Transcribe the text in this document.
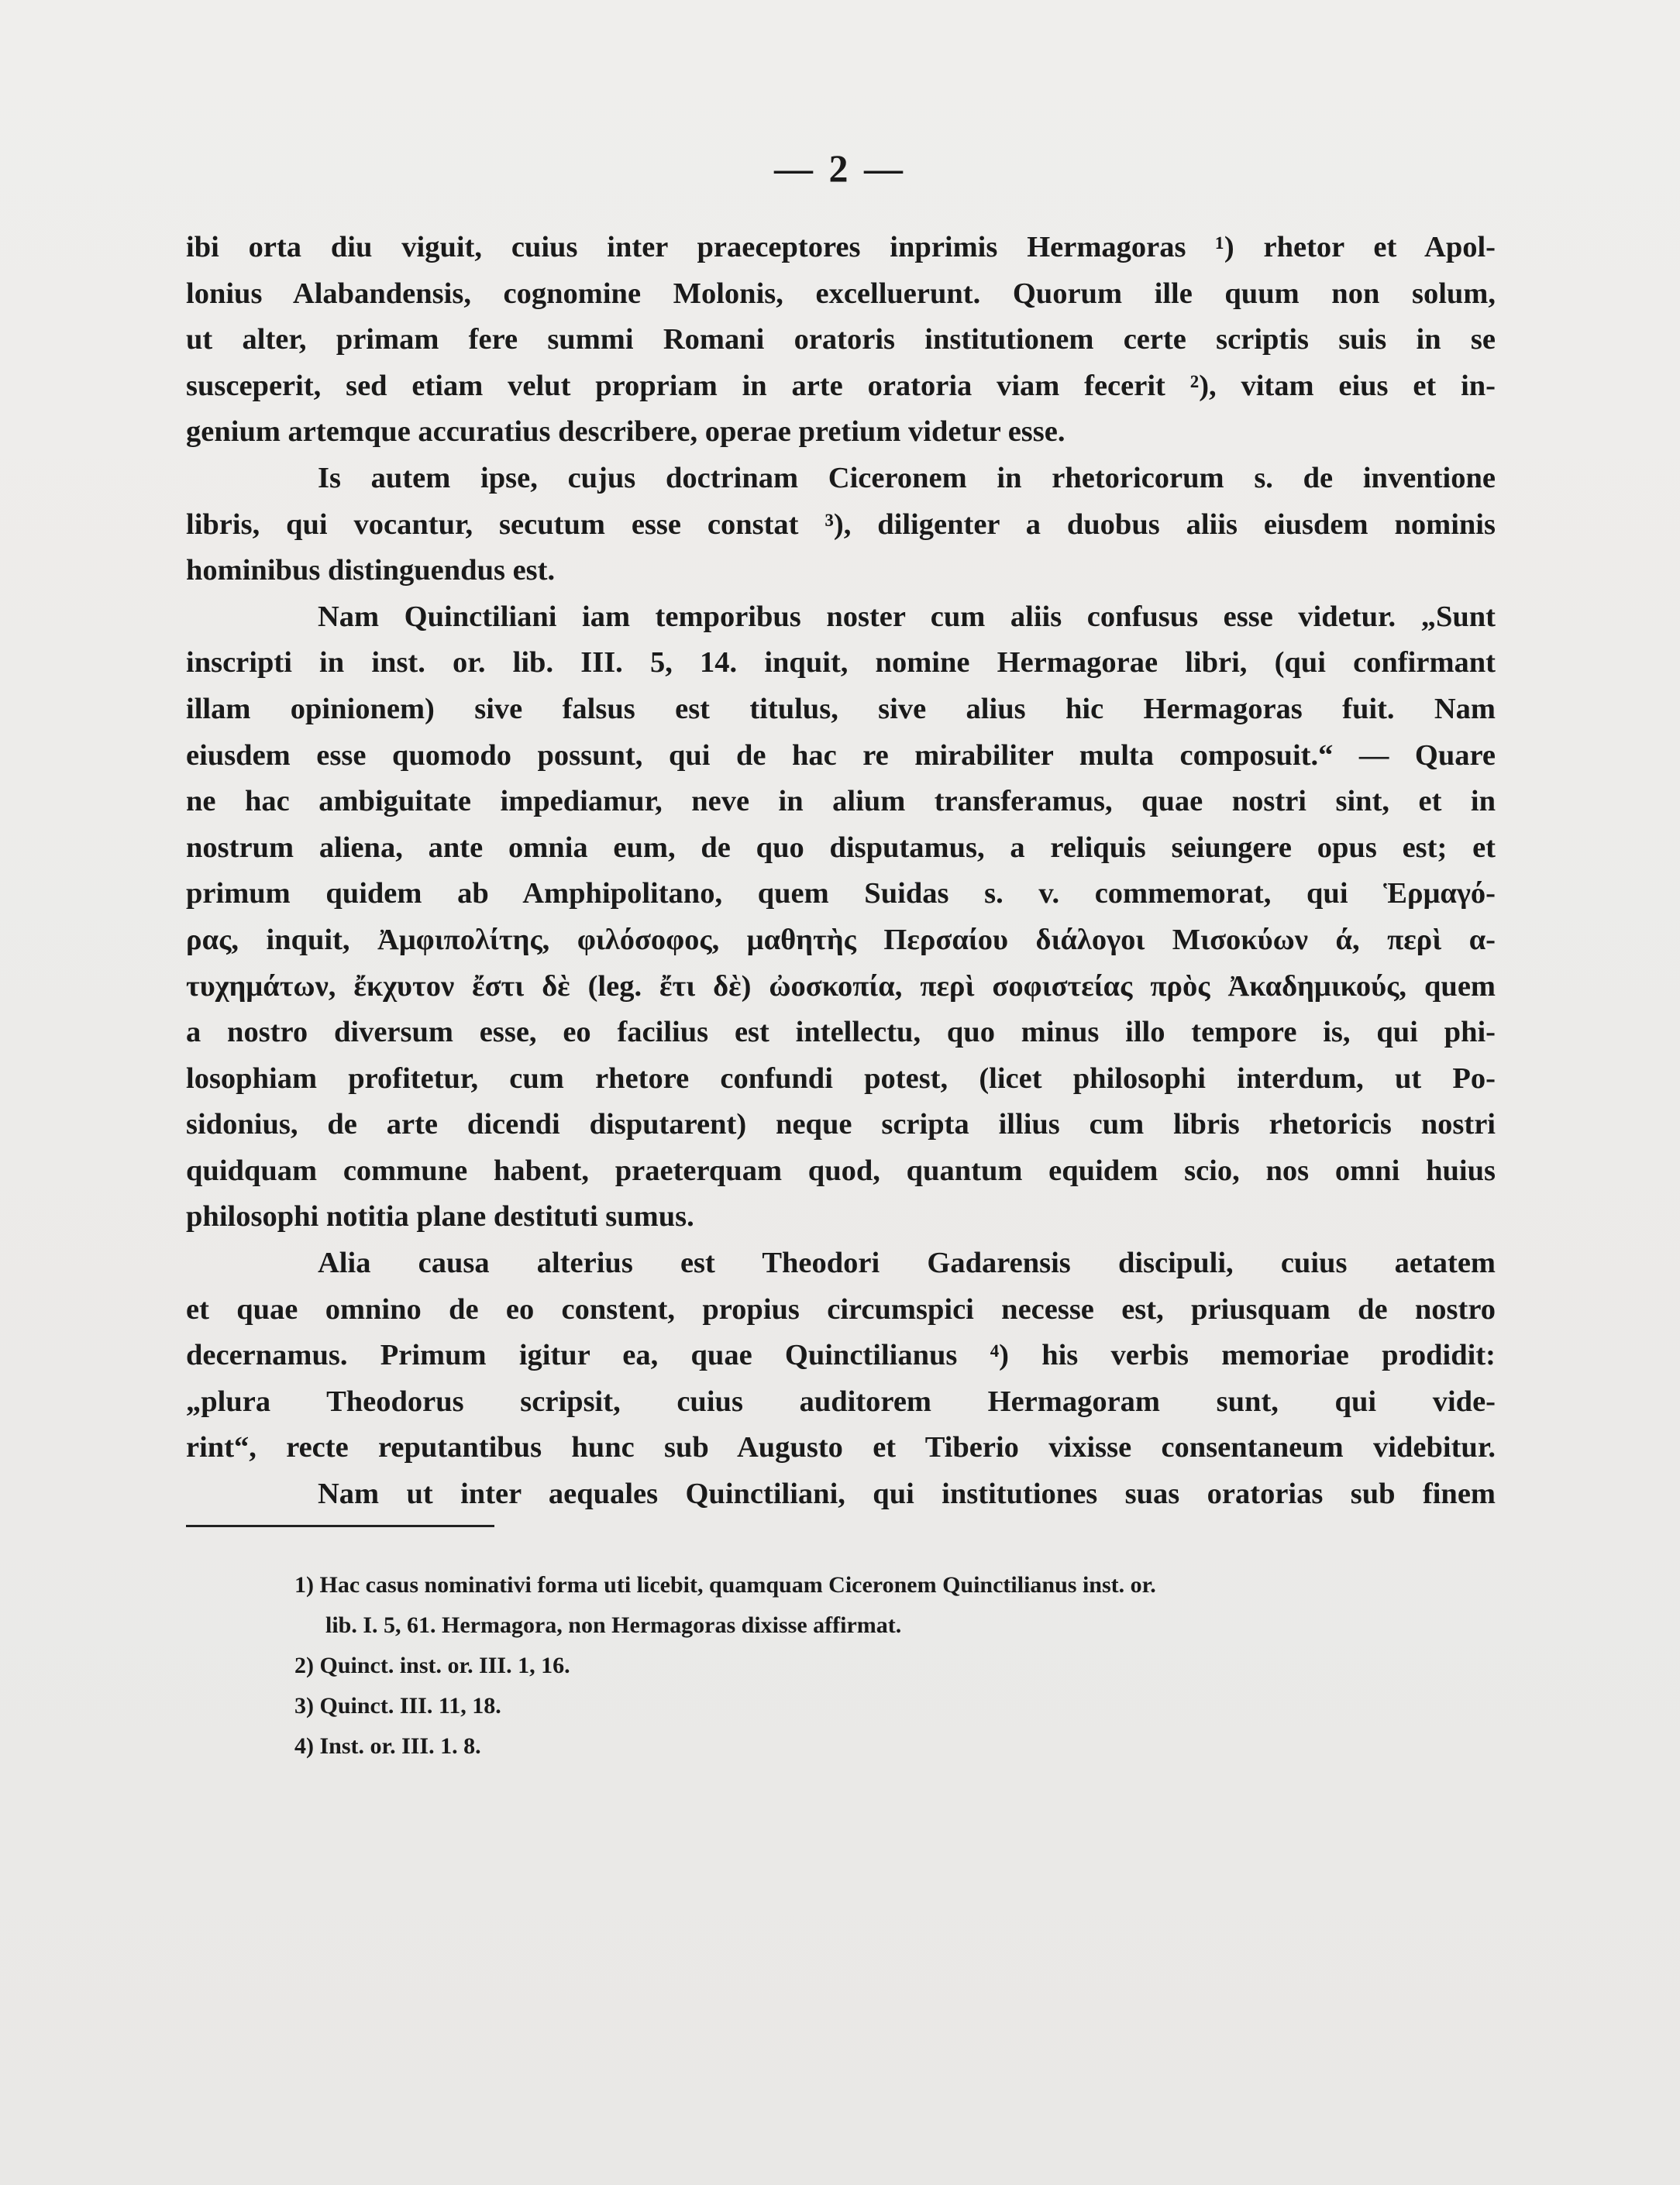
— 2 —
ibi orta diu viguit, cuius inter praeceptores inprimis Hermagoras ¹) rhetor et Apol-
lonius Alabandensis, cognomine Molonis, excelluerunt. Quorum ille quum non solum,
ut alter, primam fere summi Romani oratoris institutionem certe scriptis suis in se
susceperit, sed etiam velut propriam in arte oratoria viam fecerit ²), vitam eius et in-
genium artemque accuratius describere, operae pretium videtur esse.
Is autem ipse, cujus doctrinam Ciceronem in rhetoricorum s. de inventione
libris, qui vocantur, secutum esse constat ³), diligenter a duobus aliis eiusdem nominis
hominibus distinguendus est.
Nam Quinctiliani iam temporibus noster cum aliis confusus esse videtur. „Sunt
inscripti in inst. or. lib. III. 5, 14. inquit, nomine Hermagorae libri, (qui confirmant
illam opinionem) sive falsus est titulus, sive alius hic Hermagoras fuit. Nam
eiusdem esse quomodo possunt, qui de hac re mirabiliter multa composuit.“ — Quare
ne hac ambiguitate impediamur, neve in alium transferamus, quae nostri sint, et in
nostrum aliena, ante omnia eum, de quo disputamus, a reliquis seiungere opus est; et
primum quidem ab Amphipolitano, quem Suidas s. v. commemorat, qui Ἑρμαγό-
ρας, inquit, Ἀμφιπολίτης, φιλόσοφος, μαθητὴς Περσαίου διάλογοι Μισοκύων ά, περὶ α-
τυχημάτων, ἔκχυτον ἔστι δὲ (leg. ἔτι δὲ) ὠοσκοπία, περὶ σοφιστείας πρὸς Ἀκαδημικούς, quem
a nostro diversum esse, eo facilius est intellectu, quo minus illo tempore is, qui phi-
losophiam profitetur, cum rhetore confundi potest, (licet philosophi interdum, ut Po-
sidonius, de arte dicendi disputarent) neque scripta illius cum libris rhetoricis nostri
quidquam commune habent, praeterquam quod, quantum equidem scio, nos omni huius
philosophi notitia plane destituti sumus.
Alia causa alterius est Theodori Gadarensis discipuli, cuius aetatem
et quae omnino de eo constent, propius circumspici necesse est, priusquam de nostro
decernamus. Primum igitur ea, quae Quinctilianus ⁴) his verbis memoriae prodidit:
„plura Theodorus scripsit, cuius auditorem Hermagoram sunt, qui vide-
rint“, recte reputantibus hunc sub Augusto et Tiberio vixisse consentaneum videbitur.
Nam ut inter aequales Quinctiliani, qui institutiones suas oratorias sub finem
1) Hac casus nominativi forma uti licebit, quamquam Ciceronem Quinctilianus inst. or.
lib. I. 5, 61. Hermagora, non Hermagoras dixisse affirmat.
2) Quinct. inst. or. III. 1, 16.
3) Quinct. III. 11, 18.
4) Inst. or. III. 1. 8.
